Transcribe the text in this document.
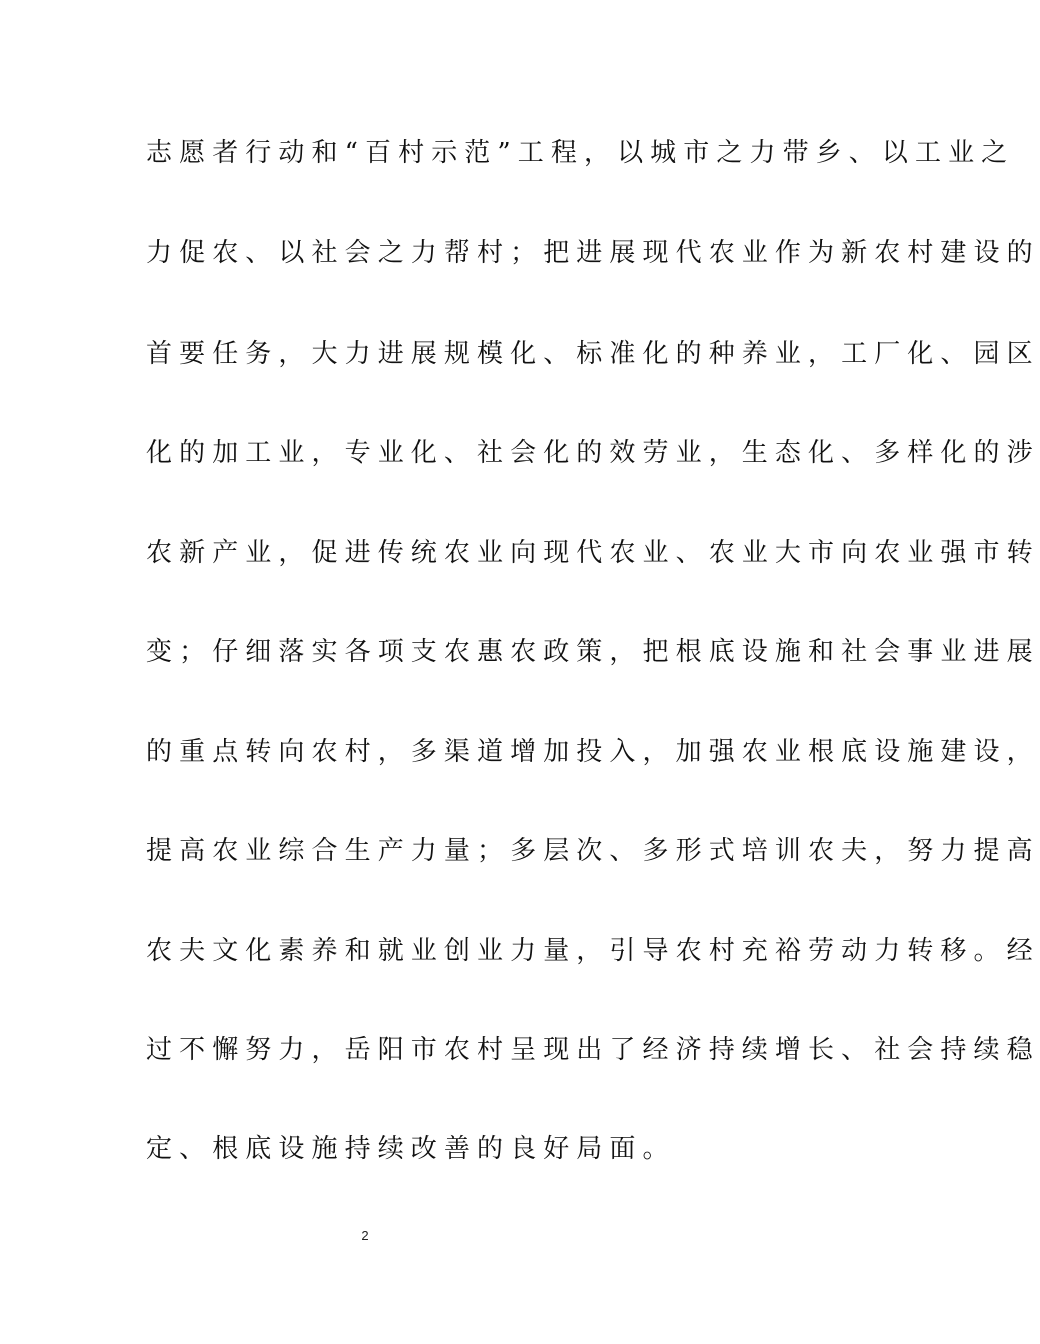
志愿者行动和“百村示范”工程，以城市之力带乡、以工业之
力促农、以社会之力帮村；把进展现代农业作为新农村建设的
首要任务，大力进展规模化、标准化的种养业，工厂化、园区
化的加工业，专业化、社会化的效劳业，生态化、多样化的涉
农新产业，促进传统农业向现代农业、农业大市向农业强市转
变；仔细落实各项支农惠农政策，把根底设施和社会事业进展
的重点转向农村，多渠道增加投入，加强农业根底设施建设，
提高农业综合生产力量；多层次、多形式培训农夫，努力提高
农夫文化素养和就业创业力量，引导农村充裕劳动力转移。经
过不懈努力，岳阳市农村呈现出了经济持续增长、社会持续稳
定、根底设施持续改善的良好局面。
2
